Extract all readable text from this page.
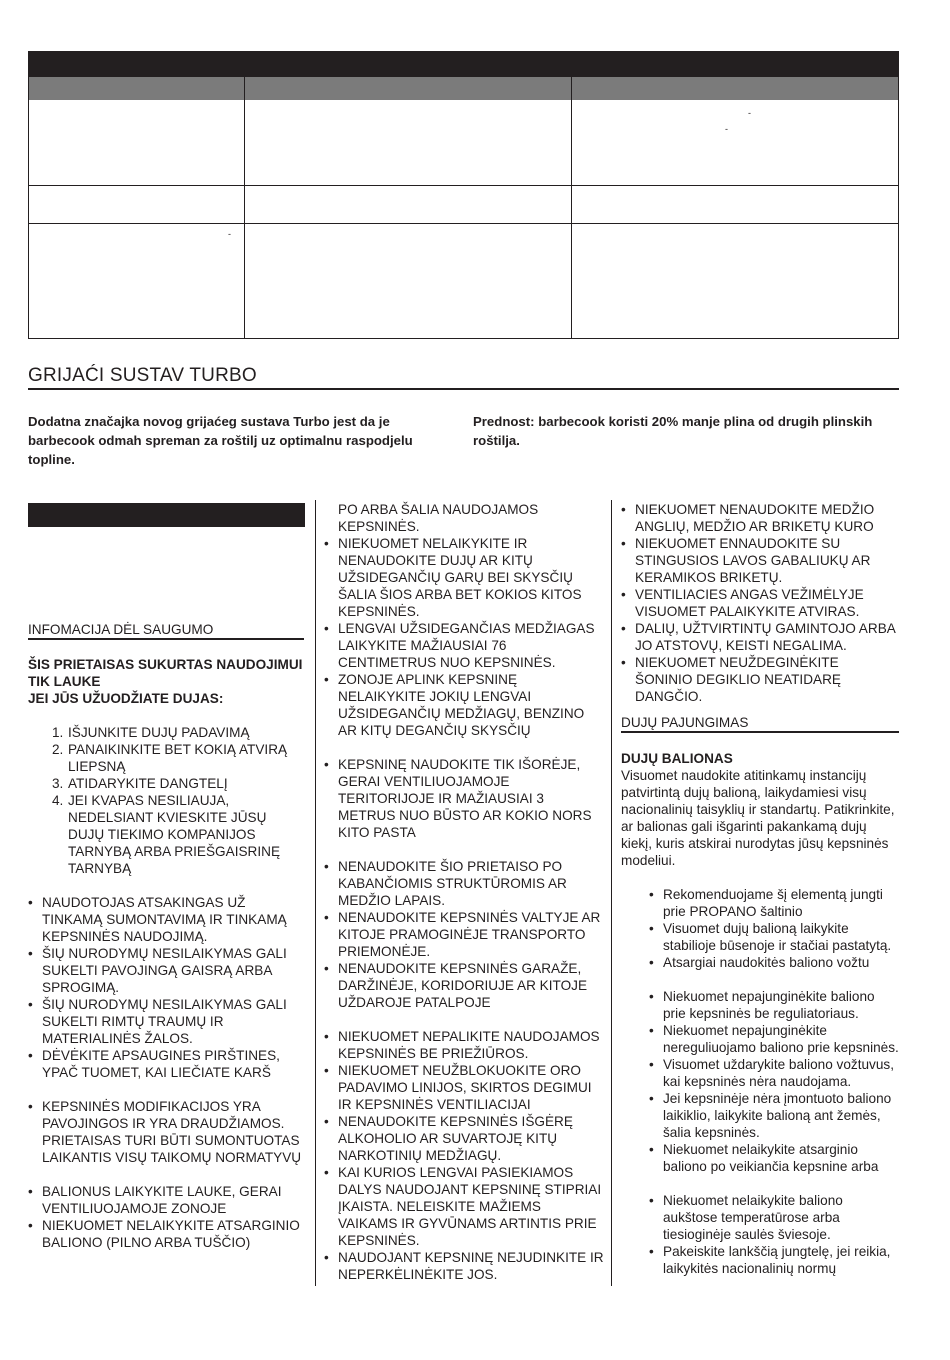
-
-
-
GRIJAĆI SUSTAV TURBO
Dodatna značajka novog grijaćeg sustava Turbo jest da je barbecook odmah spreman za roštilj uz optimalnu raspodjelu topline.
Prednost: barbecook koristi 20% manje plina od drugih plinskih roštilja.
INFOMACIJA DĖL SAUGUMO
ŠIS PRIETAISAS SUKURTAS NAUDOJIMUI TIK LAUKE
JEI JŪS UŽUODŽIATE DUJAS:
1. IŠJUNKITE DUJŲ PADAVIMĄ
2. PANAIKINKITE BET KOKIĄ ATVIRĄ LIEPSNĄ
3. ATIDARYKITE DANGTELĮ
4. JEI KVAPAS NESILIAUJA, NEDELSIANT KVIESKITE JŪSŲ DUJŲ TIEKIMO KOMPANIJOS TARNYBĄ ARBA PRIEŠGAISRINĘ TARNYBĄ
• NAUDOTOJAS ATSAKINGAS UŽ TINKAMĄ SUMONTAVIMĄ IR TINKAMĄ KEPSNINĖS NAUDOJIMĄ.
• ŠIŲ NURODYMŲ NESILAIKYMAS GALI SUKELTI PAVOJINGĄ GAISRĄ ARBA SPROGIMĄ.
• ŠIŲ NURODYMŲ NESILAIKYMAS GALI SUKELTI RIMTŲ TRAUMŲ IR MATERIALINĖS ŽALOS.
• DĖVĖKITE APSAUGINES PIRŠTINES, YPAČ TUOMET, KAI LIEČIATE KARŠ
• KEPSNINĖS MODIFIKACIJOS YRA PAVOJINGOS IR YRA DRAUDŽIAMOS. PRIETAISAS TURI BŪTI SUMONTUOTAS LAIKANTIS VISŲ TAIKOMŲ NORMATYVŲ
• BALIONUS LAIKYKITE LAUKE, GERAI VENTILIUOJAMOJE ZONOJE
• NIEKUOMET NELAIKYKITE ATSARGINIO BALIONO (PILNO ARBA TUŠČIO)
PO ARBA ŠALIA NAUDOJAMOS KEPSNINĖS.
• NIEKUOMET NELAIKYKITE IR NENAUDOKITE DUJŲ AR KITŲ UŽSIDEGANČIŲ GARŲ BEI SKYSČIŲ ŠALIA ŠIOS ARBA BET KOKIOS KITOS KEPSNINĖS.
• LENGVAI UŽSIDEGANČIAS MEDŽIAGAS LAIKYKITE MAŽIAUSIAI 76 CENTIMETRUS NUO KEPSNINĖS.
• ZONOJE APLINK KEPSNINĘ NELAIKYKITE JOKIŲ LENGVAI UŽSIDEGANČIŲ MEDŽIAGŲ, BENZINO AR KITŲ DEGANČIŲ SKYSČIŲ
• KEPSNINĘ NAUDOKITE TIK IŠORĖJE, GERAI VENTILIUOJAMOJE TERITORIJOJE IR MAŽIAUSIAI 3 METRUS NUO BŪSTO AR KOKIO NORS KITO PASTA
• NENAUDOKITE ŠIO PRIETAISO PO KABANČIOMIS STRUKTŪROMIS AR MEDŽIO LAPAIS.
• NENAUDOKITE KEPSNINĖS VALTYJE AR KITOJE PRAMOGINĖJE TRANSPORTO PRIEMONĖJE.
• NENAUDOKITE KEPSNINĖS GARAŽE, DARŽINĖJE, KORIDORIUJE AR KITOJE UŽDAROJE PATALPOJE
• NIEKUOMET NEPALIKITE NAUDOJAMOS KEPSNINĖS BE PRIEŽIŪROS.
• NIEKUOMET NEUŽBLOKUOKITE ORO PADAVIMO LINIJOS, SKIRTOS DEGIMUI IR KEPSNINĖS VENTILIACIJAI
• NENAUDOKITE KEPSNINĖS IŠGĖRĘ ALKOHOLIO AR SUVARTOJĘ KITŲ NARKOTINIŲ MEDŽIAGŲ.
• KAI KURIOS LENGVAI PASIEKIAMOS DALYS NAUDOJANT KEPSNINĘ STIPRIAI ĮKAISTA. NELEISKITE MAŽIEMS VAIKAMS IR GYVŪNAMS ARTINTIS PRIE KEPSNINĖS.
• NAUDOJANT KEPSNINĘ NEJUDINKITE IR NEPERKĖLINĖKITE JOS.
• NIEKUOMET NENAUDOKITE MEDŽIO ANGLIŲ, MEDŽIO AR BRIKETŲ KURO
• NIEKUOMET ENNAUDOKITE SU STINGUSIOS LAVOS GABALIUKŲ AR KERAMIKOS BRIKETŲ.
• VENTILIACIES ANGAS VEŽIMĖLYJE VISUOMET PALAIKYKITE ATVIRAS.
• DALIŲ, UŽTVIRTINTŲ GAMINTOJO ARBA JO ATSTOVŲ, KEISTI NEGALIMA.
• NIEKUOMET NEUŽDEGINĖKITE ŠONINIO DEGIKLIO NEATIDARĘ DANGČIO.
DUJŲ PAJUNGIMAS
DUJŲ BALIONAS
Visuomet naudokite atitinkamų instancijų patvirtintą dujų balioną, laikydamiesi visų nacionalinių taisyklių ir standartų. Patikrinkite, ar balionas gali išgarinti pakankamą dujų kiekį, kuris atskirai nurodytas jūsų kepsninės modeliui.
• Rekomenduojame šį elementą jungti prie PROPANO šaltinio
• Visuomet dujų balioną laikykite stabilioje būsenoje ir stačiai pastatytą.
• Atsargiai naudokitės baliono vožtu
• Niekuomet nepajunginėkite baliono prie kepsninės be reguliatoriaus.
• Niekuomet nepajunginėkite nereguliuojamo baliono prie kepsninės.
• Visuomet uždarykite baliono vožtuvus, kai kepsninės nėra naudojama.
• Jei kepsninėje nėra įmontuoto baliono laikiklio, laikykite balioną ant žemės, šalia kepsninės.
• Niekuomet nelaikykite atsarginio baliono po veikiančia kepsnine arba
• Niekuomet nelaikykite baliono aukštose temperatūrose arba tiesioginėje saulės šviesoje.
• Pakeiskite lankščią jungtelę, jei reikia, laikykitės nacionalinių normų
